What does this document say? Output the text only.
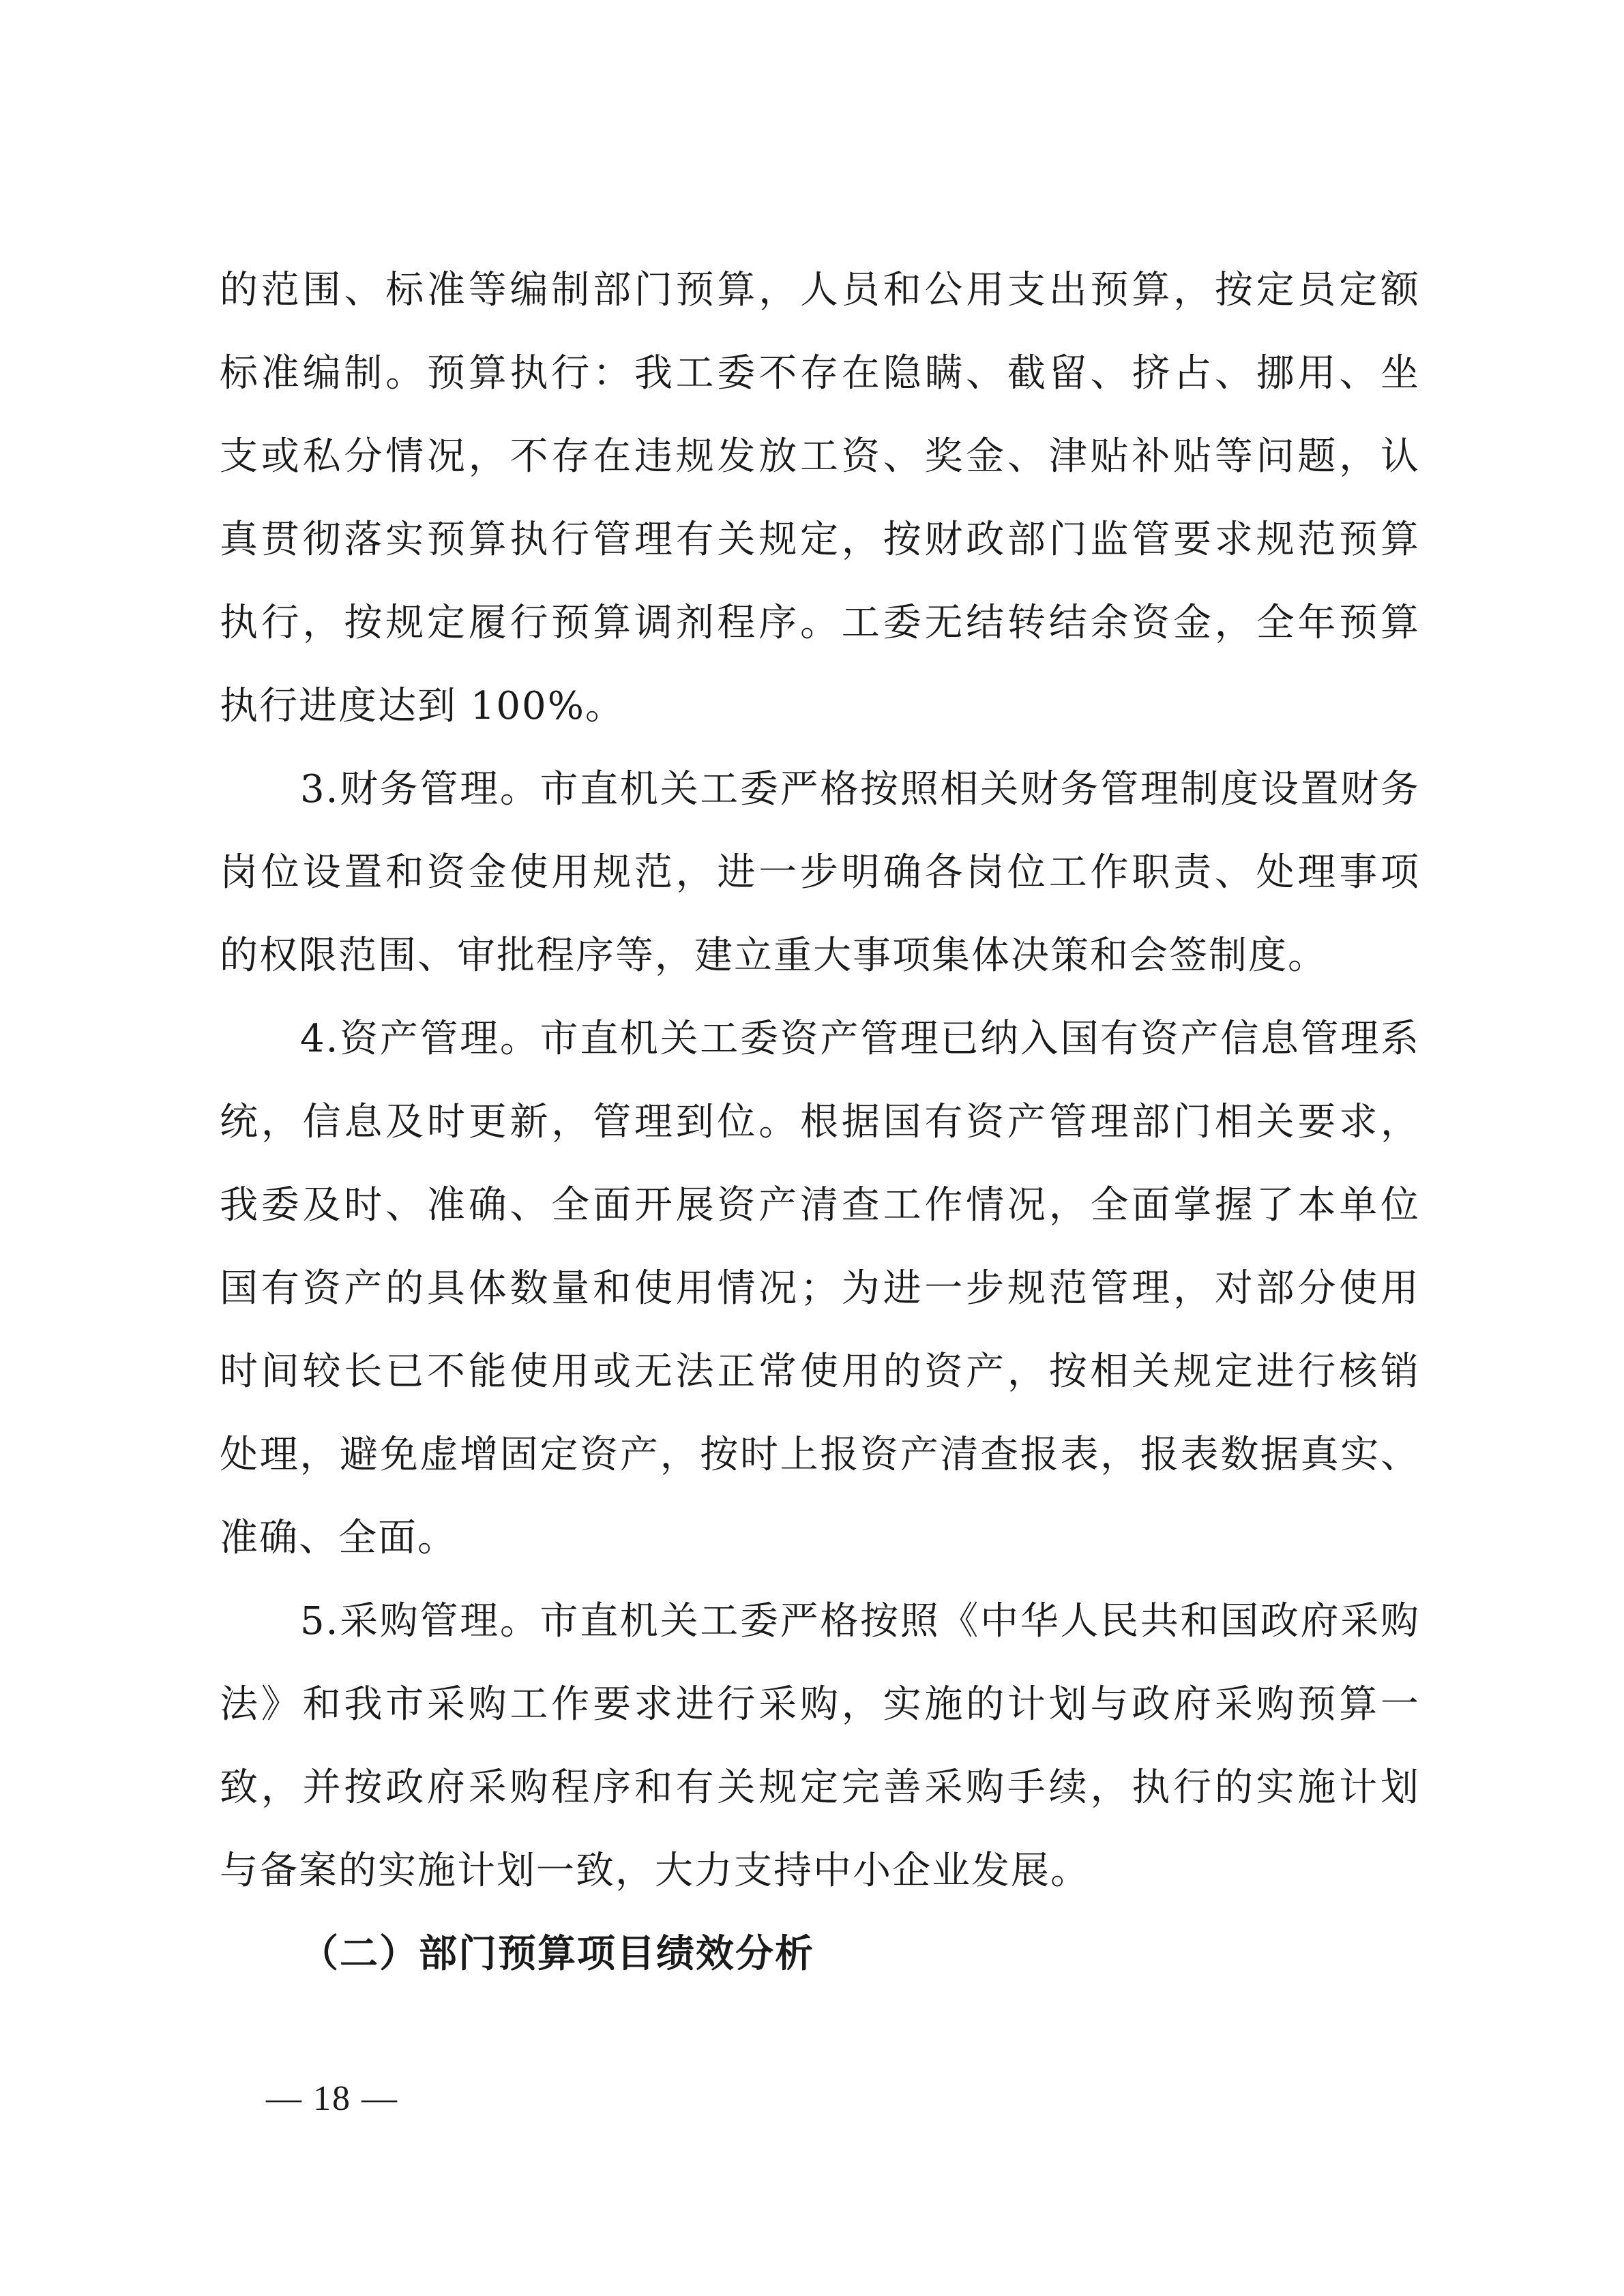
的范围、标准等编制部门预算，人员和公用支出预算，按定员定额
标准编制。预算执行：我工委不存在隐瞒、截留、挤占、挪用、坐
支或私分情况，不存在违规发放工资、奖金、津贴补贴等问题，认
真贯彻落实预算执行管理有关规定，按财政部门监管要求规范预算
执行，按规定履行预算调剂程序。工委无结转结余资金，全年预算
执行进度达到 100%。
3.财务管理。市直机关工委严格按照相关财务管理制度设置财务
岗位设置和资金使用规范，进一步明确各岗位工作职责、处理事项
的权限范围、审批程序等，建立重大事项集体决策和会签制度。
4.资产管理。市直机关工委资产管理已纳入国有资产信息管理系
统，信息及时更新，管理到位。根据国有资产管理部门相关要求，
我委及时、准确、全面开展资产清查工作情况，全面掌握了本单位
国有资产的具体数量和使用情况；为进一步规范管理，对部分使用
时间较长已不能使用或无法正常使用的资产，按相关规定进行核销
处理，避免虚增固定资产，按时上报资产清查报表，报表数据真实、
准确、全面。
5.采购管理。市直机关工委严格按照《中华人民共和国政府采购
法》和我市采购工作要求进行采购，实施的计划与政府采购预算一
致，并按政府采购程序和有关规定完善采购手续，执行的实施计划
与备案的实施计划一致，大力支持中小企业发展。
（二）部门预算项目绩效分析
— 18 —
